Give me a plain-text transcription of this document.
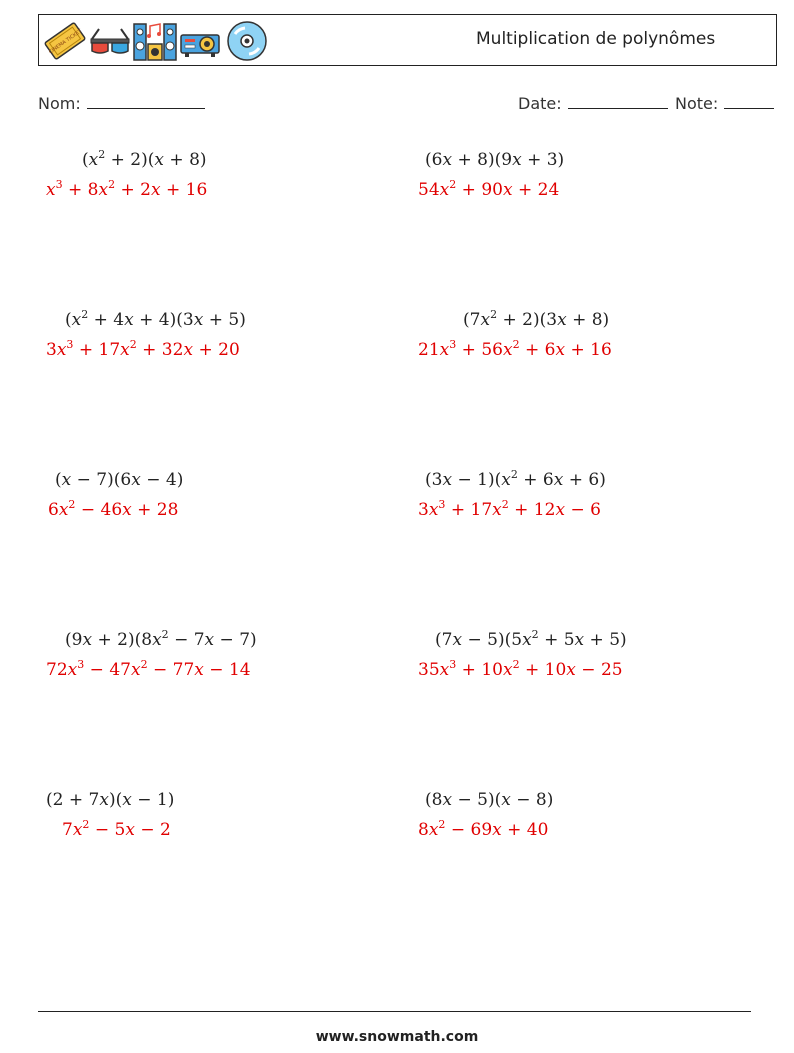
CINEMA TICKET	Multiplication de polynômes
Nom:	Date:	Note:
$(x^2 + 2)(x + 8)$
$x^3 + 8x^2 + 2x + 16$
(6x + 8)(9x + 3)
$54x^2 + 90x + 24$
$(x^2 + 4x + 4)(3x + 5)$
$3x^3 + 17x^2 + 32x + 20$
$(7x^2 + 2)(3x + 8)$
$21x^3 + 56x^2 + 6x + 16$
(x − 7)(6x − 4)
$6x^2 - 46x + 28$
$(3x - 1)(x^2 + 6x + 6)$
$3x^3 + 17x^2 + 12x - 6$
$(9x + 2)(8x^2 - 7x - 7)$
$72x^3 - 47x^2 - 77x - 14$
$(7x - 5)(5x^2 + 5x + 5)$
$35x^3 + 10x^2 + 10x - 25$
(2 + 7x)(x − 1)
$7x^2 - 5x - 2$
(8x − 5)(x − 8)
$8x^2 - 69x + 40$
www.snowmath.com
